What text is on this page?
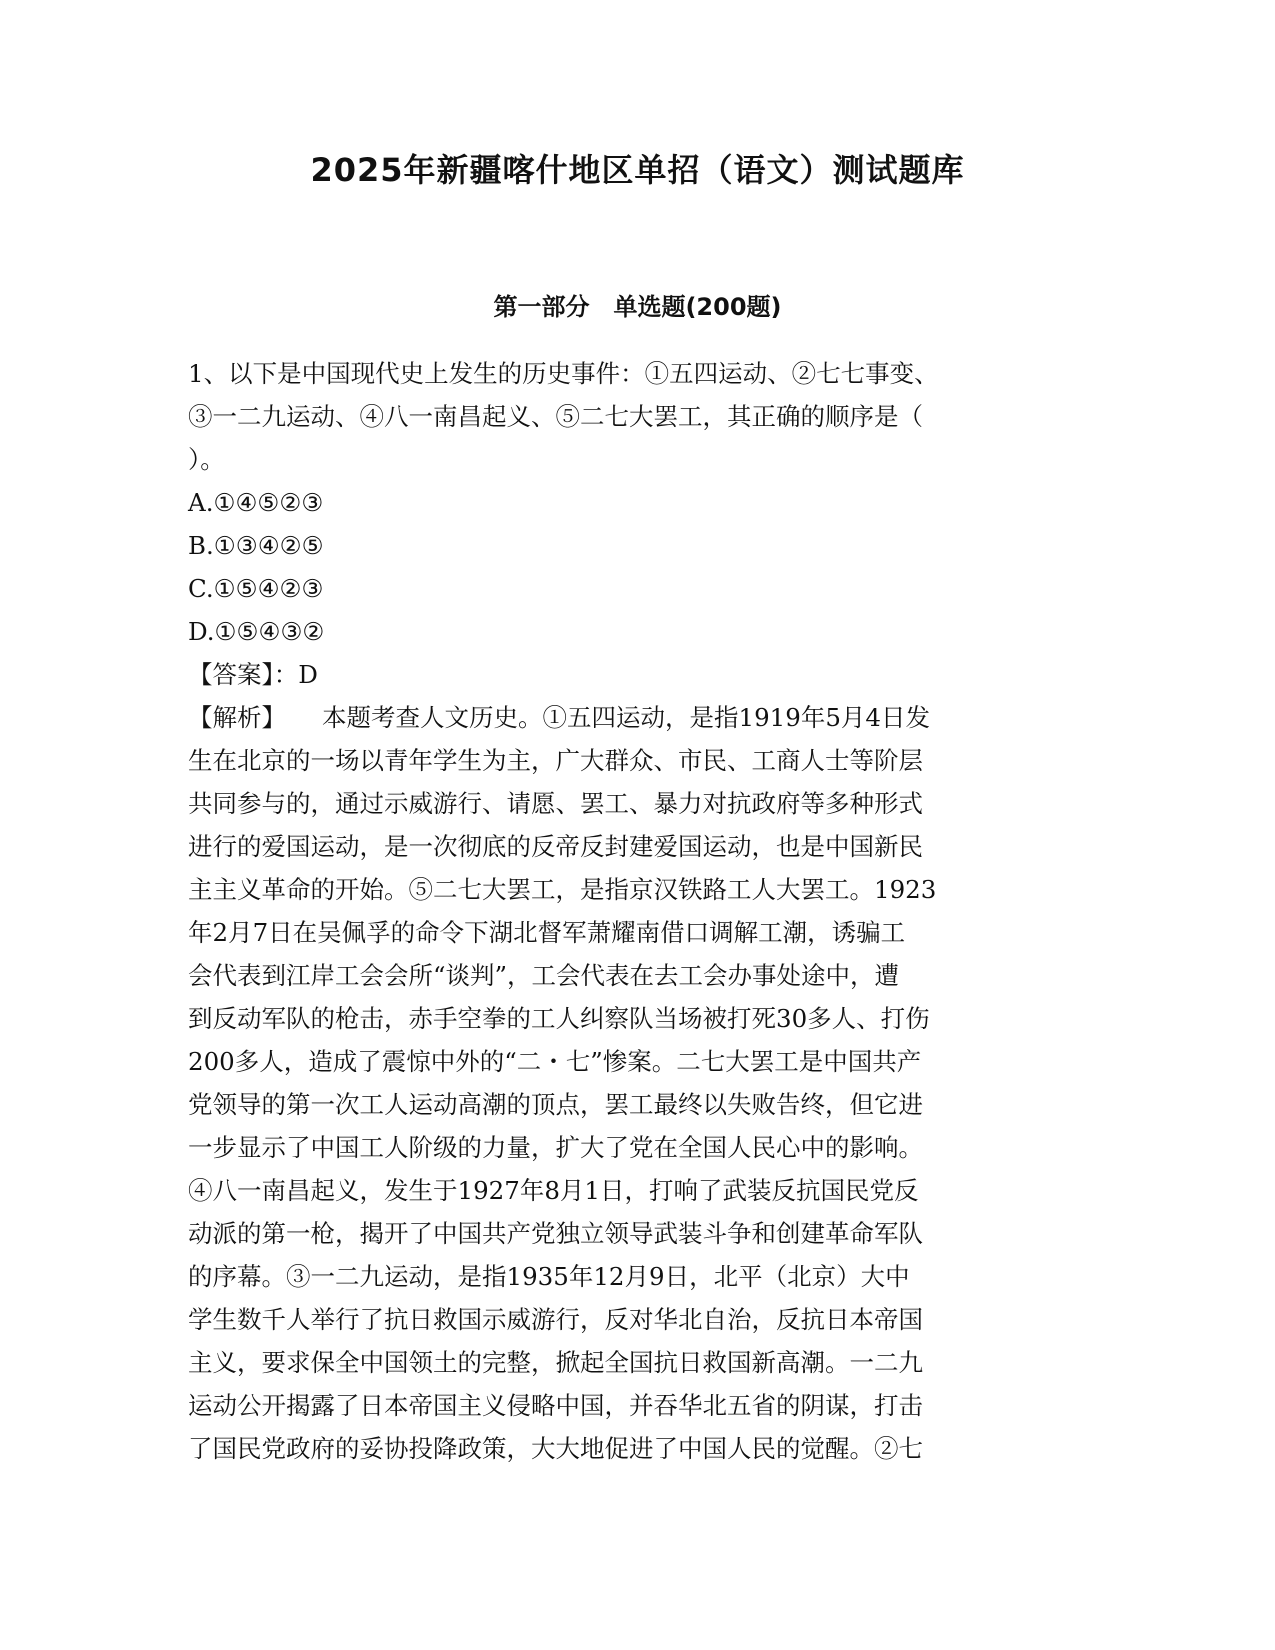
2025年新疆喀什地区单招（语文）测试题库
第一部分　单选题(200题)
1、以下是中国现代史上发生的历史事件：①五四运动、②七七事变、
③一二九运动、④八一南昌起义、⑤二七大罢工，其正确的顺序是（
）。
A.①④⑤②③
B.①③④②⑤
C.①⑤④②③
D.①⑤④③②
【答案】：D
【解析】 本题考查人文历史。①五四运动，是指1919年5月4日发
生在北京的一场以青年学生为主，广大群众、市民、工商人士等阶层
共同参与的，通过示威游行、请愿、罢工、暴力对抗政府等多种形式
进行的爱国运动，是一次彻底的反帝反封建爱国运动，也是中国新民
主主义革命的开始。⑤二七大罢工，是指京汉铁路工人大罢工。1923
年2月7日在吴佩孚的命令下湖北督军萧耀南借口调解工潮，诱骗工
会代表到江岸工会会所“谈判”，工会代表在去工会办事处途中，遭
到反动军队的枪击，赤手空拳的工人纠察队当场被打死30多人、打伤
200多人，造成了震惊中外的“二・七”惨案。二七大罢工是中国共产
党领导的第一次工人运动高潮的顶点，罢工最终以失败告终，但它进
一步显示了中国工人阶级的力量，扩大了党在全国人民心中的影响。
④八一南昌起义，发生于1927年8月1日，打响了武装反抗国民党反
动派的第一枪，揭开了中国共产党独立领导武装斗争和创建革命军队
的序幕。③一二九运动，是指1935年12月9日，北平（北京）大中
学生数千人举行了抗日救国示威游行，反对华北自治，反抗日本帝国
主义，要求保全中国领土的完整，掀起全国抗日救国新高潮。一二九
运动公开揭露了日本帝国主义侵略中国，并吞华北五省的阴谋，打击
了国民党政府的妥协投降政策，大大地促进了中国人民的觉醒。②七
